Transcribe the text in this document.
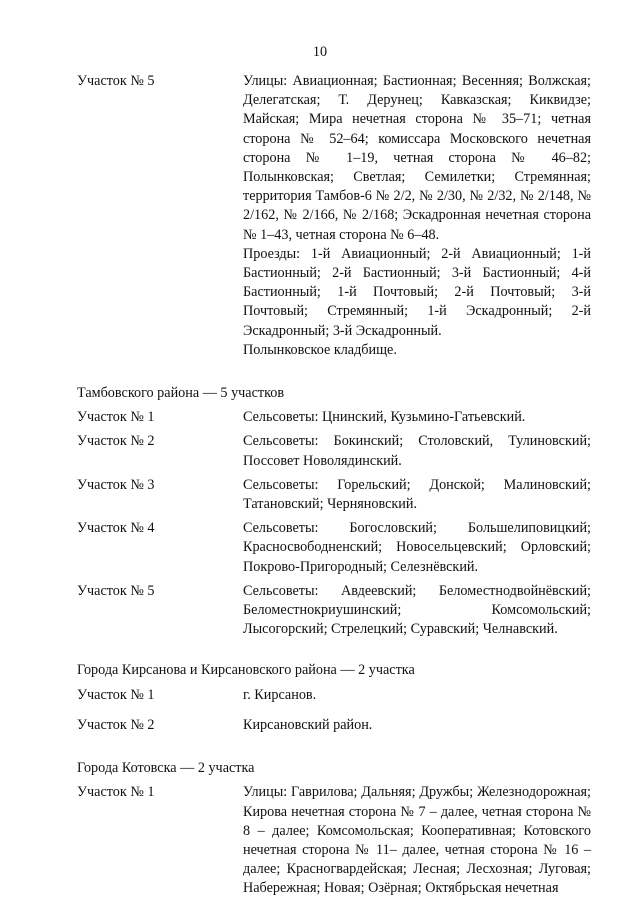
10
Участок № 5	Улицы: Авиационная; Бастионная; Весенняя; Волжская; Делегатская; Т. Дерунец; Кавказская; Киквидзе; Майская; Мира нечетная сторона № 35–71; четная сторона № 52–64; комиссара Московского нечетная сторона № 1–19, четная сторона № 46–82; Полынковская; Светлая; Семилетки; Стремянная; территория Тамбов-6 № 2/2, № 2/30, № 2/32, № 2/148, № 2/162, № 2/166, № 2/168; Эскадронная нечетная сторона № 1–43, четная сторона № 6–48.
Проезды: 1-й Авиационный; 2-й Авиационный; 1-й Бастионный; 2-й Бастионный; 3-й Бастионный; 4-й Бастионный; 1-й Почтовый; 2-й Почтовый; 3-й Почтовый; Стремянный; 1-й Эскадронный; 2-й Эскадронный; 3-й Эскадронный.
Полынковское кладбище.
Тамбовского района — 5 участков
Участок № 1	Сельсоветы: Цнинский, Кузьмино-Гатьевский.
Участок № 2	Сельсоветы: Бокинский; Столовский, Тулиновский; Поссовет Новолядинский.
Участок № 3	Сельсоветы: Горельский; Донской; Малиновский; Татановский; Черняновский.
Участок № 4	Сельсоветы: Богословский; Большелиповицкий; Красносвободненский; Новосельцевский; Орловский; Покрово-Пригородный; Селезнёвский.
Участок № 5	Сельсоветы: Авдеевский; Беломестнодвойнёвский; Беломестнокриушинский; Комсомольский; Лысогорский; Стрелецкий; Суравский; Челнавский.
Города Кирсанова и Кирсановского района — 2 участка
Участок № 1	г. Кирсанов.
Участок № 2	Кирсановский район.
Города Котовска — 2 участка
Участок № 1	Улицы: Гаврилова; Дальняя; Дружбы; Железнодорожная; Кирова нечетная сторона № 7 – далее, четная сторона № 8 – далее; Комсомольская; Кооперативная; Котовского нечетная сторона № 11– далее, четная сторона № 16 – далее; Красногвардейская; Лесная; Лесхозная; Луговая; Набережная; Новая; Озёрная; Октябрьская нечетная
